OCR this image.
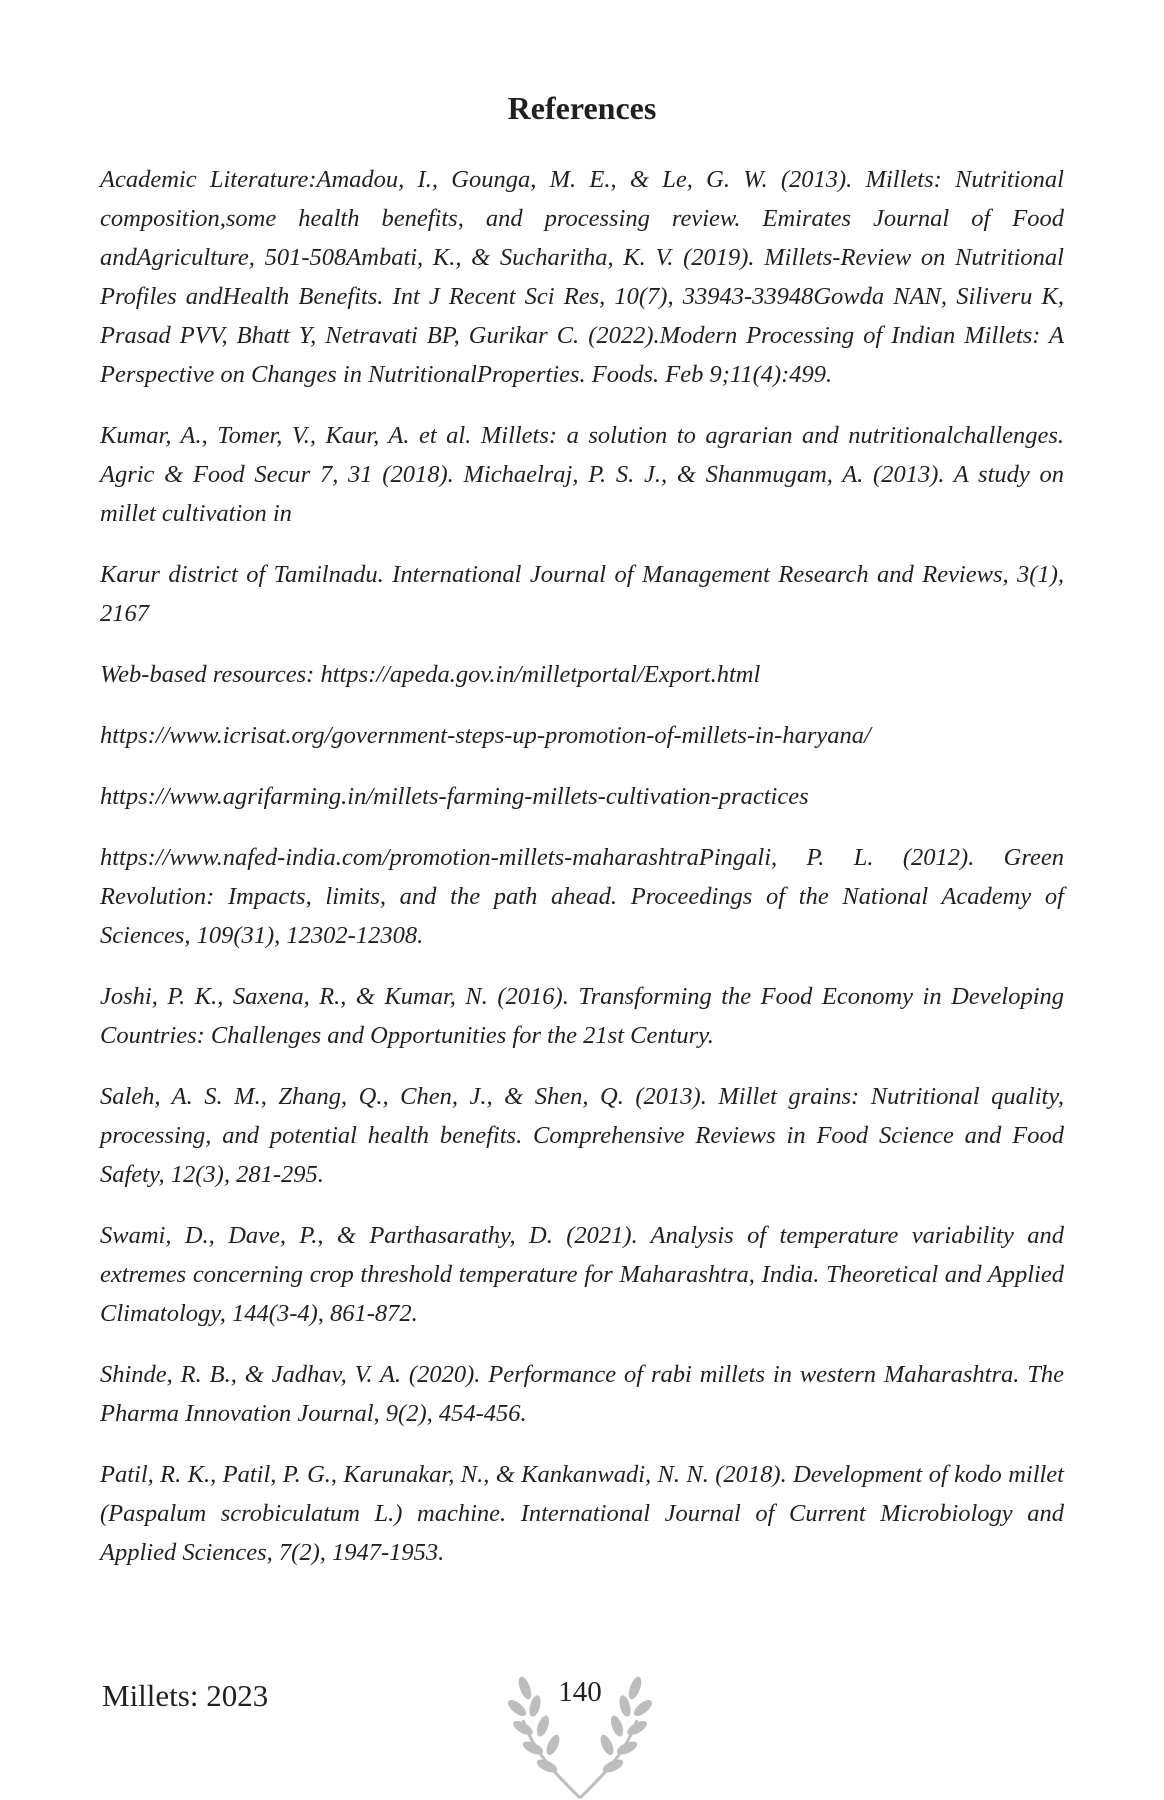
References

Academic Literature:Amadou, I., Gounga, M. E., & Le, G. W. (2013). Millets: Nutritional composition,some health benefits, and processing review. Emirates Journal of Food andAgriculture, 501-508Ambati, K., & Sucharitha, K. V. (2019). Millets-Review on Nutritional Profiles andHealth Benefits. Int J Recent Sci Res, 10(7), 33943-33948Gowda NAN, Siliveru K, Prasad PVV, Bhatt Y, Netravati BP, Gurikar C. (2022).Modern Processing of Indian Millets: A Perspective on Changes in NutritionalProperties. Foods. Feb 9;11(4):499.

Kumar, A., Tomer, V., Kaur, A. et al. Millets: a solution to agrarian and nutritionalchallenges. Agric & Food Secur 7, 31 (2018). Michaelraj, P. S. J., & Shanmugam, A. (2013). A study on millet cultivation in

Karur district of Tamilnadu. International Journal of Management Research and Reviews, 3(1), 2167

Web-based resources: https://apeda.gov.in/milletportal/Export.html

https://www.icrisat.org/government-steps-up-promotion-of-millets-in-haryana/

https://www.agrifarming.in/millets-farming-millets-cultivation-practices

https://www.nafed-india.com/promotion-millets-maharashtraPingali, P. L. (2012). Green Revolution: Impacts, limits, and the path ahead. Proceedings of the National Academy of Sciences, 109(31), 12302-12308.

Joshi, P. K., Saxena, R., & Kumar, N. (2016). Transforming the Food Economy in Developing Countries: Challenges and Opportunities for the 21st Century.

Saleh, A. S. M., Zhang, Q., Chen, J., & Shen, Q. (2013). Millet grains: Nutritional quality, processing, and potential health benefits. Comprehensive Reviews in Food Science and Food Safety, 12(3), 281-295.

Swami, D., Dave, P., & Parthasarathy, D. (2021). Analysis of temperature variability and extremes concerning crop threshold temperature for Maharashtra, India. Theoretical and Applied Climatology, 144(3-4), 861-872.

Shinde, R. B., & Jadhav, V. A. (2020). Performance of rabi millets in western Maharashtra. The Pharma Innovation Journal, 9(2), 454-456.

Patil, R. K., Patil, P. G., Karunakar, N., & Kankanwadi, N. N. (2018). Development of kodo millet (Paspalum scrobiculatum L.) machine. International Journal of Current Microbiology and Applied Sciences, 7(2), 1947-1953.

Millets: 2023	140
